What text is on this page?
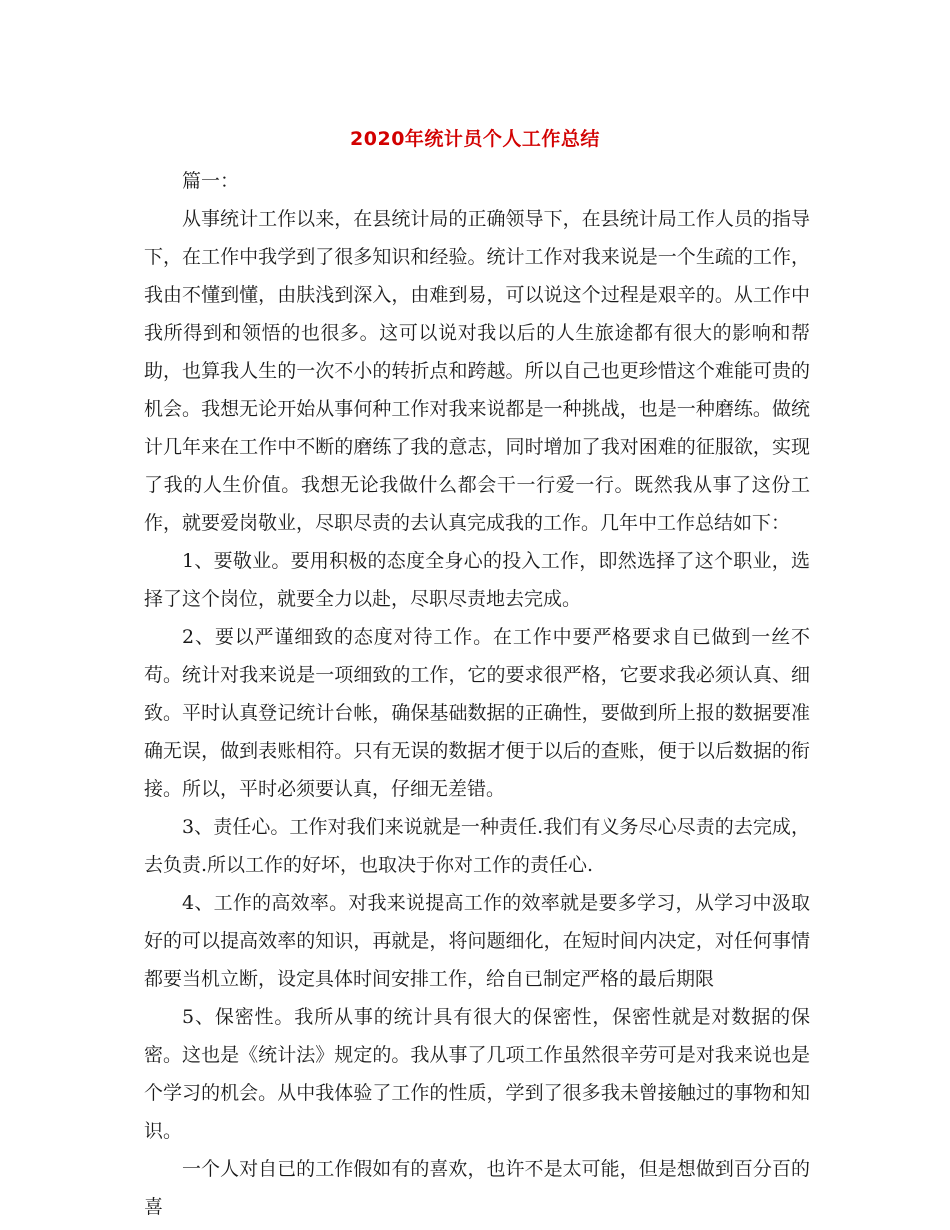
2020年统计员个人工作总结

篇一：

从事统计工作以来，在县统计局的正确领导下，在县统计局工作人员的指导下，在工作中我学到了很多知识和经验。统计工作对我来说是一个生疏的工作，我由不懂到懂，由肤浅到深入，由难到易，可以说这个过程是艰辛的。从工作中我所得到和领悟的也很多。这可以说对我以后的人生旅途都有很大的影响和帮助，也算我人生的一次不小的转折点和跨越。所以自己也更珍惜这个难能可贵的机会。我想无论开始从事何种工作对我来说都是一种挑战，也是一种磨练。做统计几年来在工作中不断的磨练了我的意志，同时增加了我对困难的征服欲，实现了我的人生价值。我想无论我做什么都会干一行爱一行。既然我从事了这份工作，就要爱岗敬业，尽职尽责的去认真完成我的工作。几年中工作总结如下：

1、要敬业。要用积极的态度全身心的投入工作，即然选择了这个职业，选择了这个岗位，就要全力以赴，尽职尽责地去完成。

2、要以严谨细致的态度对待工作。在工作中要严格要求自已做到一丝不苟。统计对我来说是一项细致的工作，它的要求很严格，它要求我必须认真、细致。平时认真登记统计台帐，确保基础数据的正确性，要做到所上报的数据要准确无误，做到表账相符。只有无误的数据才便于以后的查账，便于以后数据的衔接。所以，平时必须要认真，仔细无差错。

3、责任心。工作对我们来说就是一种责任.我们有义务尽心尽责的去完成，去负责.所以工作的好坏，也取决于你对工作的责任心.

4、工作的高效率。对我来说提高工作的效率就是要多学习，从学习中汲取好的可以提高效率的知识，再就是，将问题细化，在短时间内决定，对任何事情都要当机立断，设定具体时间安排工作，给自已制定严格的最后期限

5、保密性。我所从事的统计具有很大的保密性，保密性就是对数据的保密。这也是《统计法》规定的。我从事了几项工作虽然很辛劳可是对我来说也是个学习的机会。从中我体验了工作的性质，学到了很多我未曾接触过的事物和知识。

一个人对自已的工作假如有的喜欢，也许不是太可能，但是想做到百分百的喜
